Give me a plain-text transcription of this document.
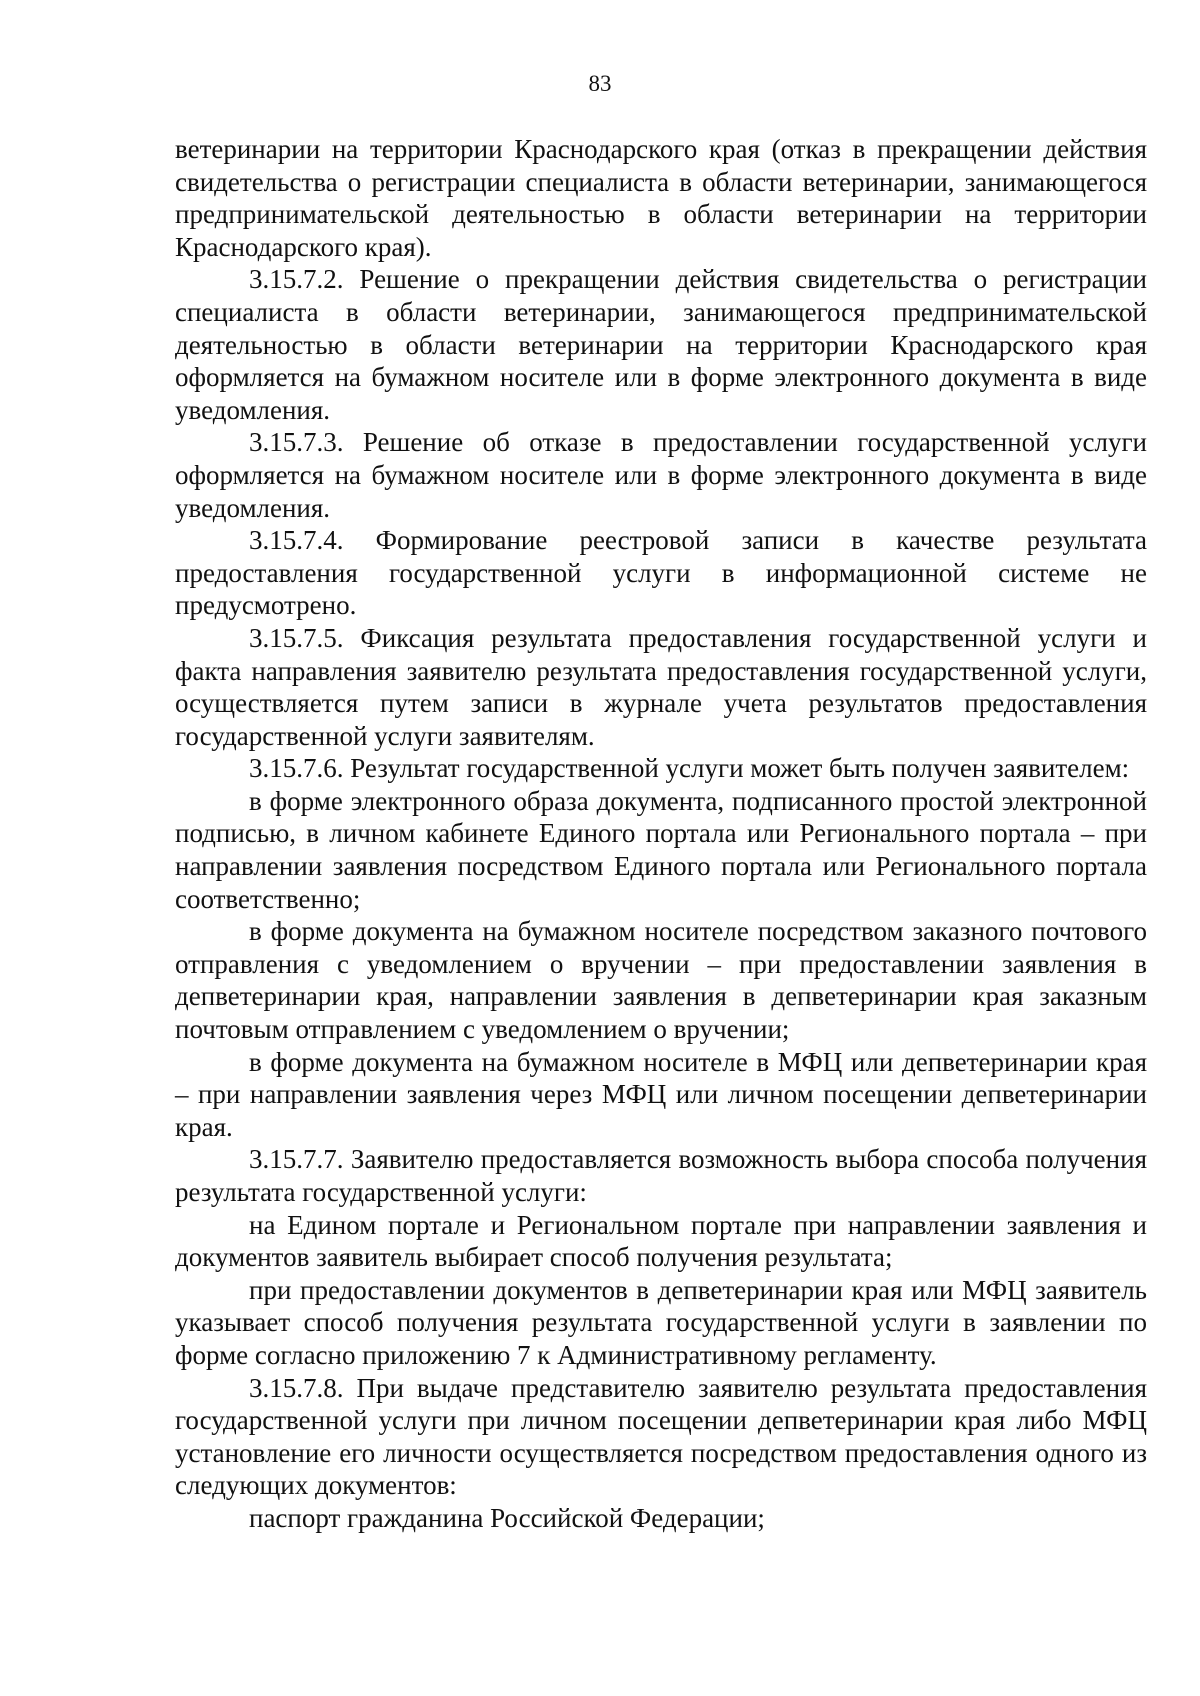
83

ветеринарии на территории Краснодарского края (отказ в прекращении действия свидетельства о регистрации специалиста в области ветеринарии, занимающегося предпринимательской деятельностью в области ветеринарии на территории Краснодарского края).

3.15.7.2. Решение о прекращении действия свидетельства о регистрации специалиста в области ветеринарии, занимающегося предпринимательской деятельностью в области ветеринарии на территории Краснодарского края оформляется на бумажном носителе или в форме электронного документа в виде уведомления.

3.15.7.3. Решение об отказе в предоставлении государственной услуги оформляется на бумажном носителе или в форме электронного документа в виде уведомления.

3.15.7.4. Формирование реестровой записи в качестве результата предоставления государственной услуги в информационной системе не предусмотрено.

3.15.7.5. Фиксация результата предоставления государственной услуги и факта направления заявителю результата предоставления государственной услуги, осуществляется путем записи в журнале учета результатов предоставления государственной услуги заявителям.

3.15.7.6. Результат государственной услуги может быть получен заявителем:

в форме электронного образа документа, подписанного простой электронной подписью, в личном кабинете Единого портала или Регионального портала – при направлении заявления посредством Единого портала или Регионального портала соответственно;

в форме документа на бумажном носителе посредством заказного почтового отправления с уведомлением о вручении – при предоставлении заявления в депветеринарии края, направлении заявления в депветеринарии края заказным почтовым отправлением с уведомлением о вручении;

в форме документа на бумажном носителе в МФЦ или депветеринарии края – при направлении заявления через МФЦ или личном посещении депветеринарии края.

3.15.7.7. Заявителю предоставляется возможность выбора способа получения результата государственной услуги:

на Едином портале и Региональном портале при направлении заявления и документов заявитель выбирает способ получения результата;

при предоставлении документов в депветеринарии края или МФЦ заявитель указывает способ получения результата государственной услуги в заявлении по форме согласно приложению 7 к Административному регламенту.

3.15.7.8. При выдаче представителю заявителю результата предоставления государственной услуги при личном посещении депветеринарии края либо МФЦ установление его личности осуществляется посредством предоставления одного из следующих документов:

паспорт гражданина Российской Федерации;
